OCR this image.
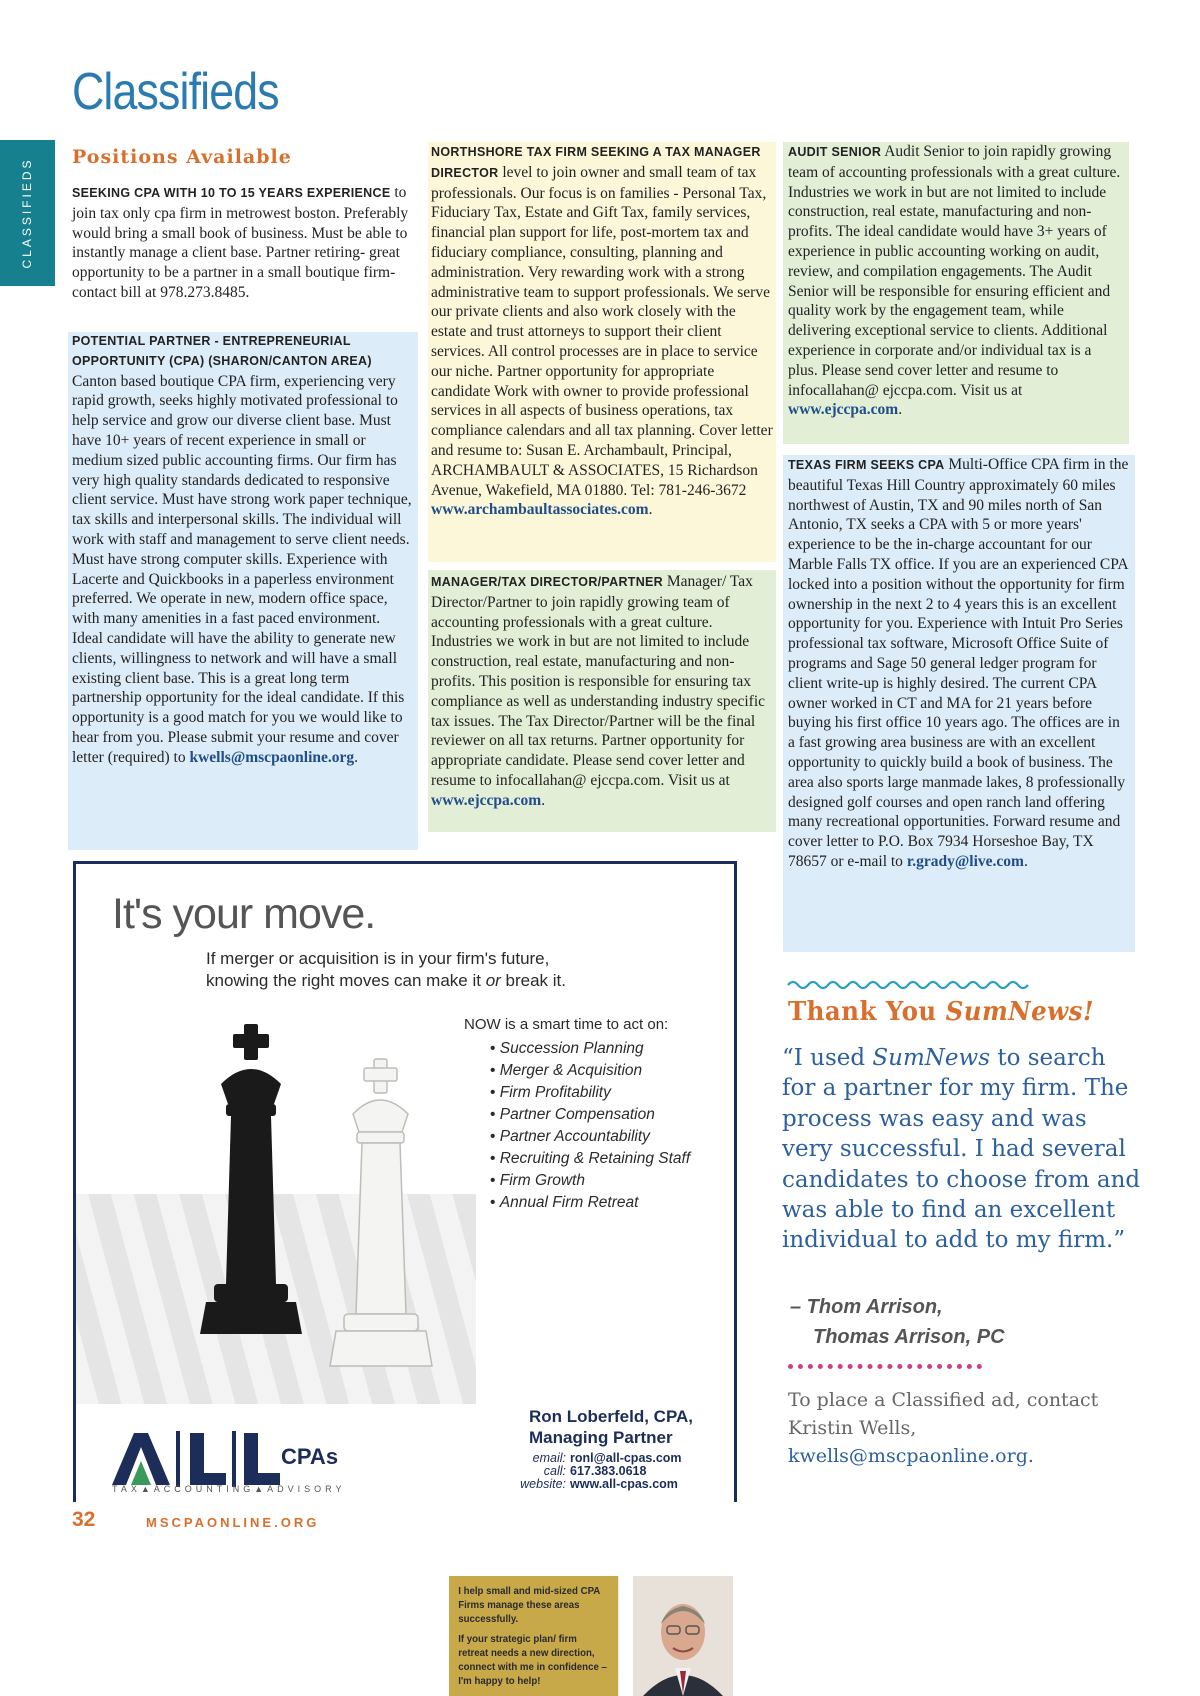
CLASSIFIEDS
Classifieds
Positions Available
SEEKING CPA WITH 10 TO 15 YEARS EXPERIENCE to join tax only cpa firm in metrowest boston. Preferably would bring a small book of business. Must be able to instantly manage a client base. Partner retiring- great opportunity to be a partner in a small boutique firm-contact bill at 978.273.8485.
POTENTIAL PARTNER - ENTREPRENEURIAL OPPORTUNITY (CPA) (SHARON/CANTON AREA)
Canton based boutique CPA firm, experiencing very rapid growth, seeks highly motivated professional to help service and grow our diverse client base. Must have 10+ years of recent experience in small or medium sized public accounting firms. Our firm has very high quality standards dedicated to responsive client service. Must have strong work paper technique, tax skills and interpersonal skills. The individual will work with staff and management to serve client needs. Must have strong computer skills. Experience with Lacerte and Quickbooks in a paperless environment preferred. We operate in new, modern office space, with many amenities in a fast paced environment. Ideal candidate will have the ability to generate new clients, willingness to network and will have a small existing client base. This is a great long term partnership opportunity for the ideal candidate. If this opportunity is a good match for you we would like to hear from you. Please submit your resume and cover letter (required) to kwells@mscpaonline.org.
NORTHSHORE TAX FIRM SEEKING A TAX MANAGER DIRECTOR level to join owner and small team of tax professionals. Our focus is on families - Personal Tax, Fiduciary Tax, Estate and Gift Tax, family services, financial plan support for life, post-mortem tax and fiduciary compliance, consulting, planning and administration. Very rewarding work with a strong administrative team to support professionals. We serve our private clients and also work closely with the estate and trust attorneys to support their client services. All control processes are in place to service our niche. Partner opportunity for appropriate candidate Work with owner to provide professional services in all aspects of business operations, tax compliance calendars and all tax planning. Cover letter and resume to: Susan E. Archambault, Principal, ARCHAMBAULT & ASSOCIATES, 15 Richardson Avenue, Wakefield, MA 01880. Tel: 781-246-3672 www.archambaultassociates.com.
MANAGER/TAX DIRECTOR/PARTNER Manager/ Tax Director/Partner to join rapidly growing team of accounting professionals with a great culture. Industries we work in but are not limited to include construction, real estate, manufacturing and non-profits. This position is responsible for ensuring tax compliance as well as understanding industry specific tax issues. The Tax Director/Partner will be the final reviewer on all tax returns. Partner opportunity for appropriate candidate. Please send cover letter and resume to infocallahan@ ejccpa.com. Visit us at www.ejccpa.com.
AUDIT SENIOR Audit Senior to join rapidly growing team of accounting professionals with a great culture. Industries we work in but are not limited to include construction, real estate, manufacturing and non-profits. The ideal candidate would have 3+ years of experience in public accounting working on audit, review, and compilation engagements. The Audit Senior will be responsible for ensuring efficient and quality work by the engagement team, while delivering exceptional service to clients. Additional experience in corporate and/or individual tax is a plus. Please send cover letter and resume to infocallahan@ ejccpa.com. Visit us at www.ejccpa.com.
TEXAS FIRM SEEKS CPA Multi-Office CPA firm in the beautiful Texas Hill Country approximately 60 miles northwest of Austin, TX and 90 miles north of San Antonio, TX seeks a CPA with 5 or more years' experience to be the in-charge accountant for our Marble Falls TX office. If you are an experienced CPA locked into a position without the opportunity for firm ownership in the next 2 to 4 years this is an excellent opportunity for you. Experience with Intuit Pro Series professional tax software, Microsoft Office Suite of programs and Sage 50 general ledger program for client write-up is highly desired. The current CPA owner worked in CT and MA for 21 years before buying his first office 10 years ago. The offices are in a fast growing area business are with an excellent opportunity to quickly build a book of business. The area also sports large manmade lakes, 8 professionally designed golf courses and open ranch land offering many recreational opportunities. Forward resume and cover letter to P.O. Box 7934 Horseshoe Bay, TX 78657 or e-mail to r.grady@live.com.
It's your move.
If merger or acquisition is in your firm's future,
knowing the right moves can make it or break it.
NOW is a smart time to act on:
• Succession Planning
• Merger & Acquisition
• Firm Profitability
• Partner Compensation
• Partner Accountability
• Recruiting & Retaining Staff
• Firm Growth
• Annual Firm Retreat

I help small and mid-sized CPA Firms manage these areas successfully.

If your strategic plan/ firm retreat needs a new direction, connect with me in confidence – I'm happy to help!

CPAs
TAX▲ACCOUNTING▲ADVISORY
Ron Loberfeld, CPA,
Managing Partner
email: ronl@all-cpas.com
call: 617.383.0618
website: www.all-cpas.com
Thank You SumNews!
“I used SumNews to search for a partner for my firm. The process was easy and was very successful. I had several candidates to choose from and was able to find an excellent individual to add to my firm.”
– Thom Arrison,
Thomas Arrison, PC
To place a Classified ad, contact Kristin Wells, kwells@mscpaonline.org.
32	MSCPAONLINE.ORG
